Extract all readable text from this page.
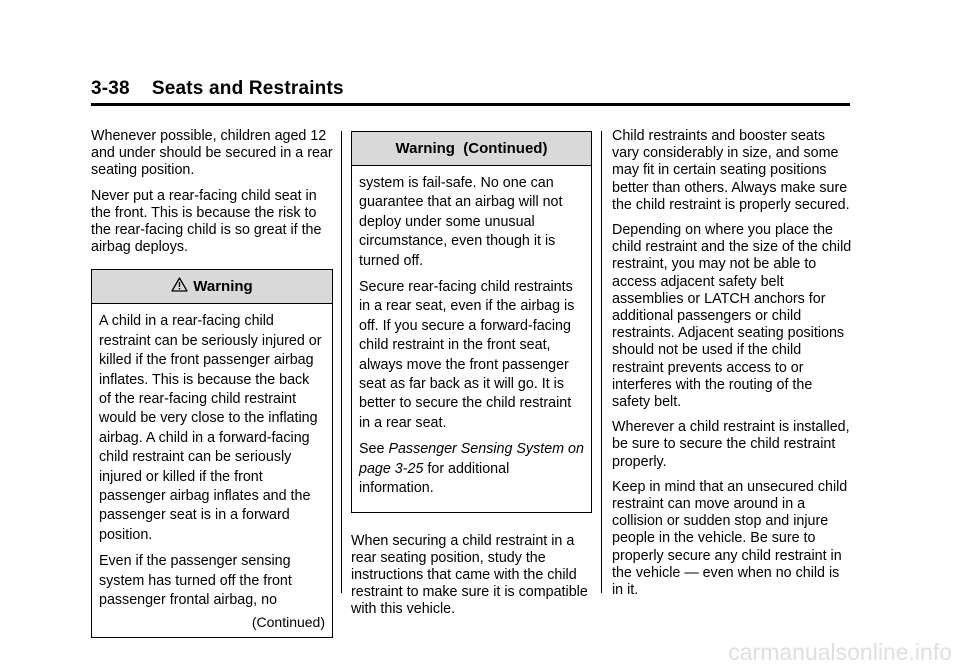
3-38 Seats and Restraints

Whenever possible, children aged 12 and under should be secured in a rear seating position.

Never put a rear-facing child seat in the front. This is because the risk to the rear-facing child is so great if the airbag deploys.

Warning

A child in a rear-facing child restraint can be seriously injured or killed if the front passenger airbag inflates. This is because the back of the rear-facing child restraint would be very close to the inflating airbag. A child in a forward-facing child restraint can be seriously injured or killed if the front passenger airbag inflates and the passenger seat is in a forward position.

Even if the passenger sensing system has turned off the front passenger frontal airbag, no

(Continued)
Warning  (Continued)

system is fail-safe. No one can guarantee that an airbag will not deploy under some unusual circumstance, even though it is turned off.

Secure rear-facing child restraints in a rear seat, even if the airbag is off. If you secure a forward-facing child restraint in the front seat, always move the front passenger seat as far back as it will go. It is better to secure the child restraint in a rear seat.

See Passenger Sensing System on page 3-25 for additional information.

When securing a child restraint in a rear seating position, study the instructions that came with the child restraint to make sure it is compatible with this vehicle.

Child restraints and booster seats vary considerably in size, and some may fit in certain seating positions better than others. Always make sure the child restraint is properly secured.

Depending on where you place the child restraint and the size of the child restraint, you may not be able to access adjacent safety belt assemblies or LATCH anchors for additional passengers or child restraints. Adjacent seating positions should not be used if the child restraint prevents access to or interferes with the routing of the safety belt.

Wherever a child restraint is installed, be sure to secure the child restraint properly.

Keep in mind that an unsecured child restraint can move around in a collision or sudden stop and injure people in the vehicle. Be sure to properly secure any child restraint in the vehicle — even when no child is in it.

carmanualsonline.info
